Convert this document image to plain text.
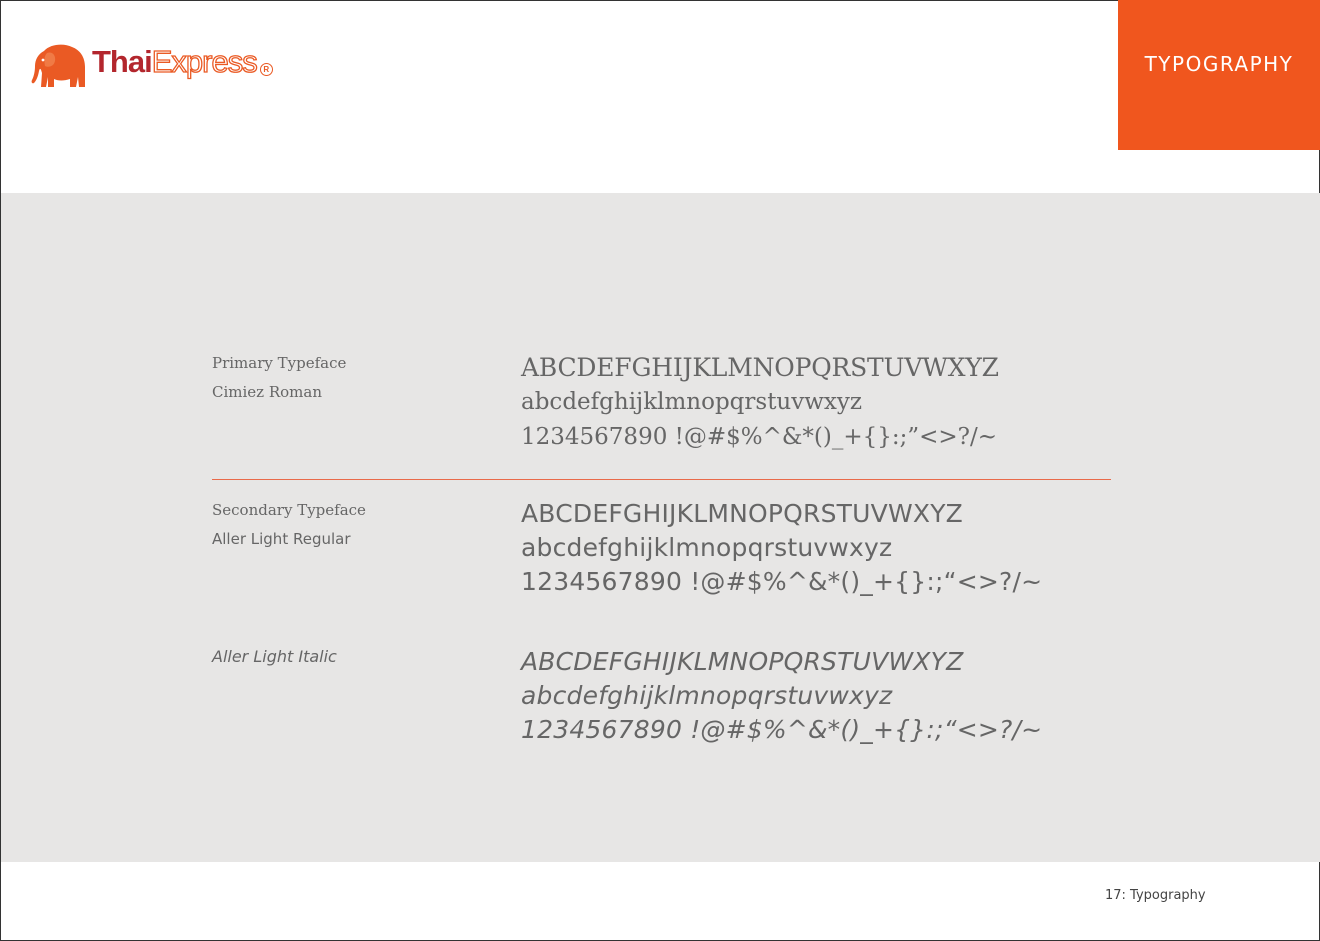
Thai Express R	TYPOGRAPHY
Primary Typeface
Cimiez Roman
ABCDEFGHIJKLMNOPQRSTUVWXYZ
abcdefghijklmnopqrstuvwxyz
1234567890 !@#$%^&*()_+{}:;”<>?/~
Secondary Typeface
Aller Light Regular
ABCDEFGHIJKLMNOPQRSTUVWXYZ
abcdefghijklmnopqrstuvwxyz
1234567890 !@#$%^&*()_+{}:;“<>?/~
Aller Light Italic	ABCDEFGHIJKLMNOPQRSTUVWXYZ
abcdefghijklmnopqrstuvwxyz
1234567890 !@#$%^&*()_+{}:;“<>?/~
17: Typography
